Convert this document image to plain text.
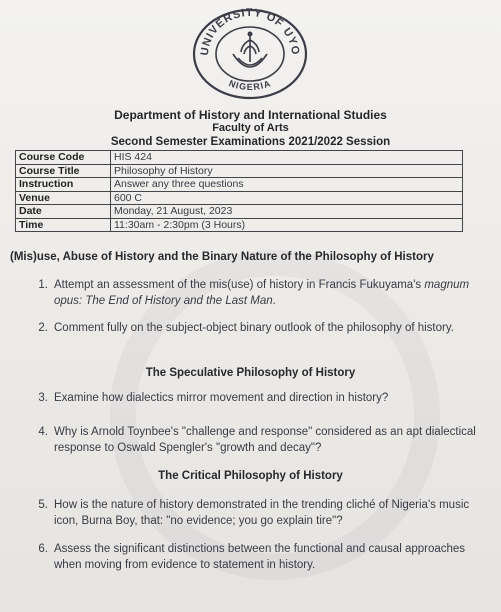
UNIVERSITY OF UYO
NIGERIA
Department of History and International Studies
Faculty of Arts
Second Semester Examinations 2021/2022 Session
Course Code	HIS 424
Course Title	Philosophy of History
Instruction	Answer any three questions
Venue	600 C
Date	Monday, 21 August, 2023
Time	11:30am - 2:30pm (3 Hours)
(Mis)use, Abuse of History and the Binary Nature of the Philosophy of History
1. Attempt an assessment of the mis(use) of history in Francis Fukuyama's magnum opus: The End of History and the Last Man.
2. Comment fully on the subject-object binary outlook of the philosophy of history.
The Speculative Philosophy of History
3. Examine how dialectics mirror movement and direction in history?
4. Why is Arnold Toynbee's "challenge and response" considered as an apt dialectical response to Oswald Spengler's "growth and decay"?
The Critical Philosophy of History
5. How is the nature of history demonstrated in the trending cliché of Nigeria's music icon, Burna Boy, that: "no evidence; you go explain tire"?
6. Assess the significant distinctions between the functional and causal approaches when moving from evidence to statement in history.
